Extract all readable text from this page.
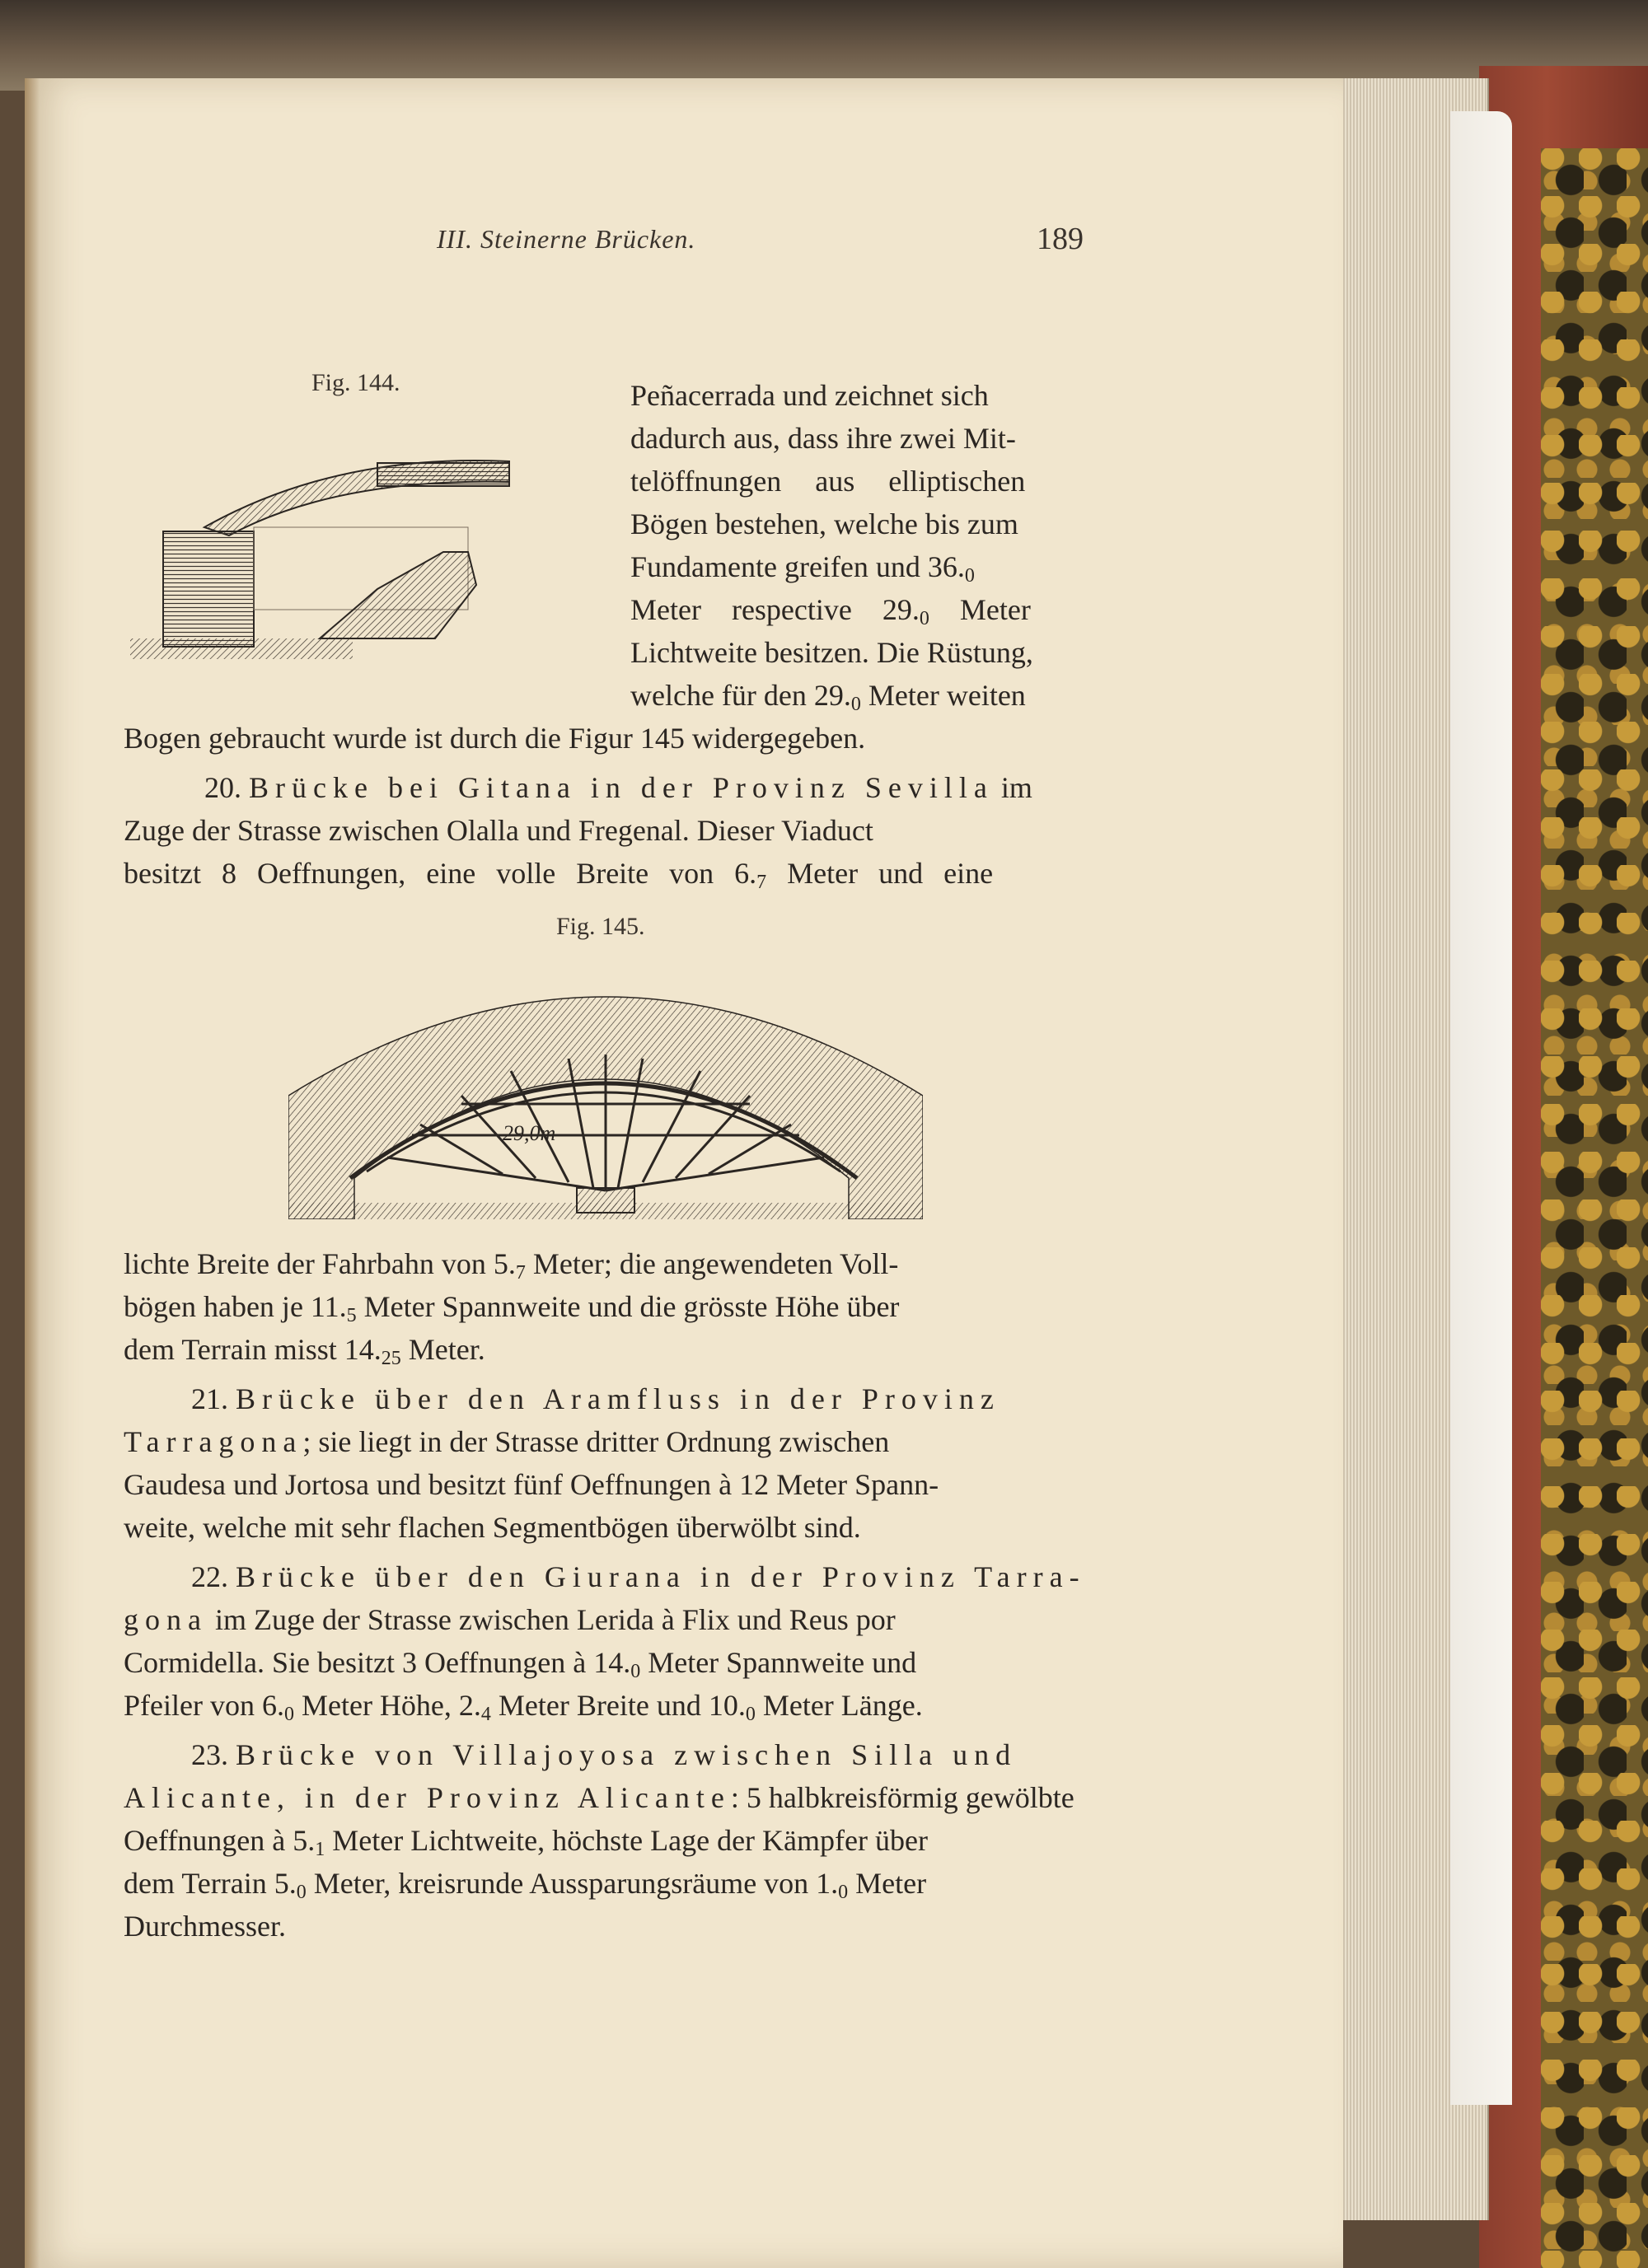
III. Steinerne Brücken.	189
Fig. 144.	Peñacerrada und zeichnet sich
dadurch aus, dass ihre zwei Mit-
telöffnungen aus elliptischen
Bögen bestehen, welche bis zum
Fundamente greifen und $36._0$
Meter respective $29._0$ Meter
Lichtweite besitzen. Die Rüstung,
welche für den $29._0$ Meter weiten
Bogen gebraucht wurde ist durch die Figur 145 widergegeben.
20. Brücke bei Gitana in der Provinz Sevilla im
Zuge der Strasse zwischen Olalla und Fregenal. Dieser Viaduct
besitzt 8 Oeffnungen, eine volle Breite von $6._7$ Meter und eine
Fig. 145.
29,0m
lichte Breite der Fahrbahn von $5._7$ Meter; die angewendeten Voll-
bögen haben je $11._5$ Meter Spannweite und die grösste Höhe über
dem Terrain misst $14._{25}$ Meter.
21. Brücke über den Aramfluss in der Provinz
Tarragona; sie liegt in der Strasse dritter Ordnung zwischen
Gaudesa und Jortosa und besitzt fünf Oeffnungen à 12 Meter Spann-
weite, welche mit sehr flachen Segmentbögen überwölbt sind.
22. Brücke über den Giurana in der Provinz Tarra-
gona im Zuge der Strasse zwischen Lerida à Flix und Reus por
Cormidella. Sie besitzt 3 Oeffnungen à $14._0$ Meter Spannweite und
Pfeiler von $6._0$ Meter Höhe, $2._4$ Meter Breite und $10._0$ Meter Länge.
23. Brücke von Villajoyosa zwischen Silla und
Alicante, in der Provinz Alicante: 5 halbkreisförmig gewölbte
Oeffnungen à $5._1$ Meter Lichtweite, höchste Lage der Kämpfer über
dem Terrain $5._0$ Meter, kreisrunde Aussparungsräume von $1._0$ Meter
Durchmesser.
